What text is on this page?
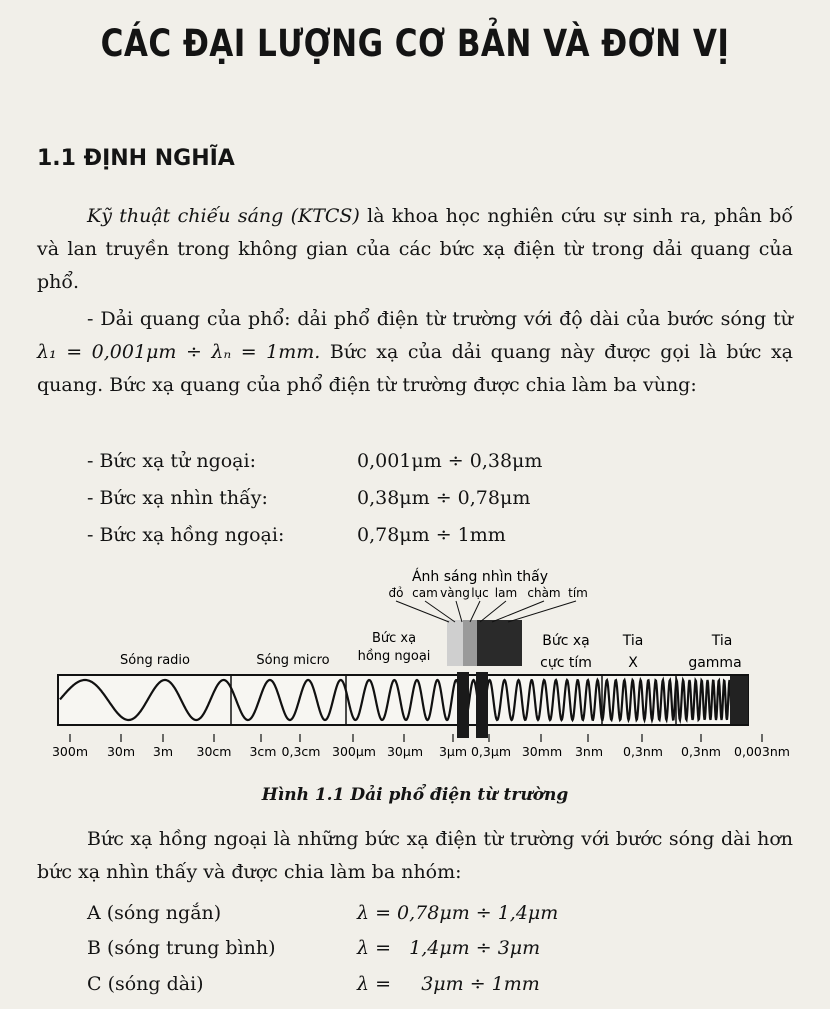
CÁC ĐẠI LƯỢNG CƠ BẢN VÀ ĐƠN VỊ
1.1 ĐỊNH NGHĨA

Kỹ thuật chiếu sáng (KTCS) là khoa học nghiên cứu sự sinh ra, phân bố và lan truyền trong không gian của các bức xạ điện từ trong dải quang của phổ.

- Dải quang của phổ: dải phổ điện từ trường với độ dài của bước sóng từ λ₁ = 0,001μm ÷ λₙ = 1mm. Bức xạ của dải quang này được gọi là bức xạ quang. Bức xạ quang của phổ điện từ trường được chia làm ba vùng:

- Bức xạ tử ngoại:	0,001μm ÷ 0,38μm
- Bức xạ nhìn thấy:	0,38μm ÷ 0,78μm
- Bức xạ hồng ngoại:	0,78μm ÷ 1mm
Ánh sáng nhìn thấy
đỏ cam vàng lục lam chàm tím
Sóng radio	Sóng micro
Bức xạ
hồng ngoại
Bức xạ
cực tím
Tia
X
Tia
gamma
300m 30m 3m 30cm 3cm 0,3cm 300μm 30μm 3μm 0,3μm 30mm 3nm 0,3nm 0,3nm 0,003nm
Hình 1.1 Dải phổ điện từ trường

Bức xạ hồng ngoại là những bức xạ điện từ trường với bước sóng dài hơn bức xạ nhìn thấy và được chia làm ba nhóm:

A (sóng ngắn)	λ = 0,78μm ÷ 1,4μm
B (sóng trung bình)	λ =   1,4μm ÷ 3μm
C (sóng dài)	λ =     3μm ÷ 1mm
